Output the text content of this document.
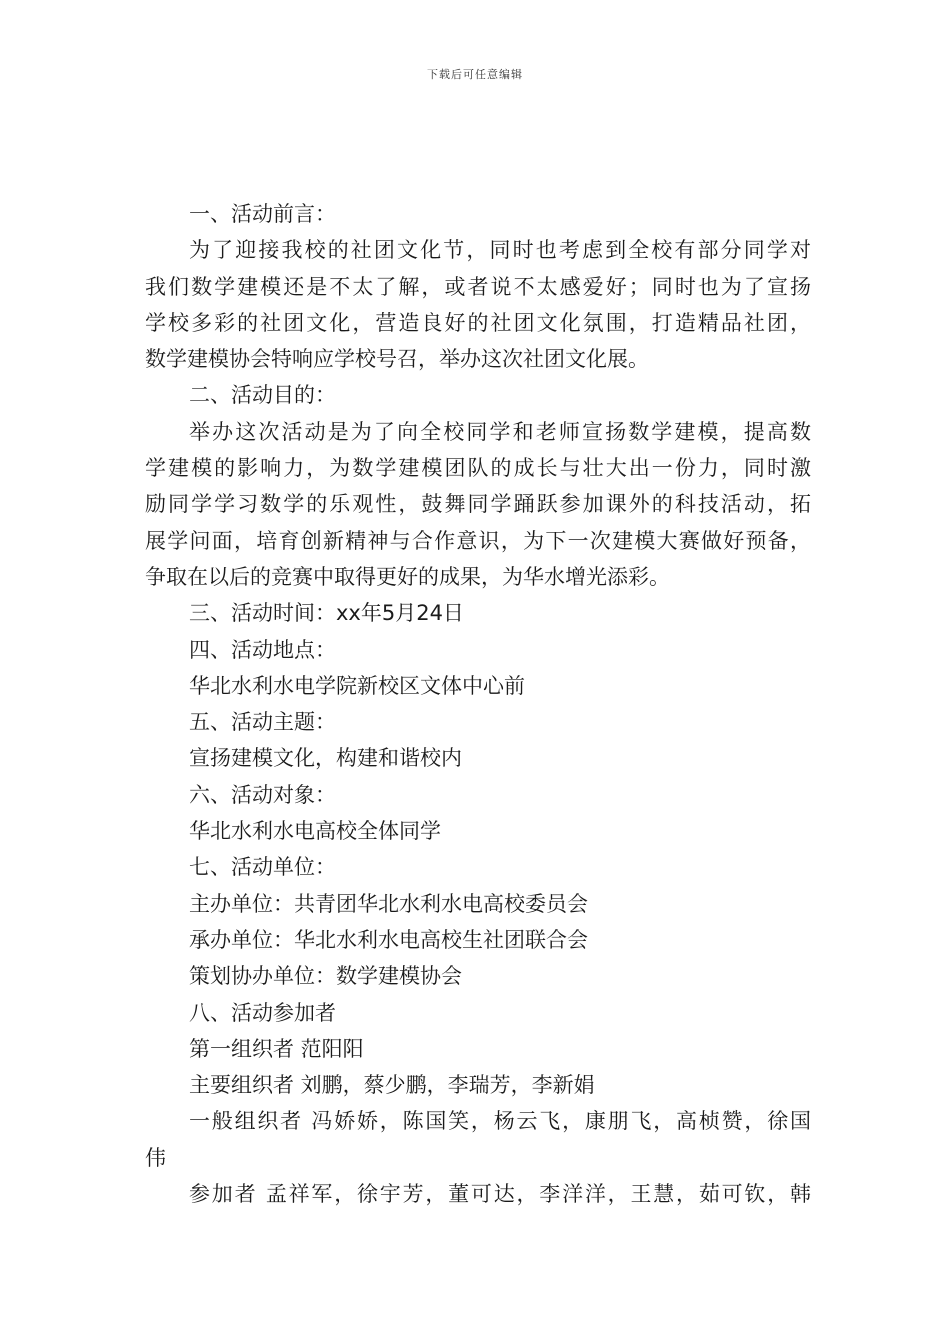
下载后可任意编辑
一、活动前言：
为了迎接我校的社团文化节，同时也考虑到全校有部分同学对
我们数学建模还是不太了解，或者说不太感爱好；同时也为了宣扬
学校多彩的社团文化，营造良好的社团文化氛围，打造精品社团，
数学建模协会特响应学校号召，举办这次社团文化展。
二、活动目的：
举办这次活动是为了向全校同学和老师宣扬数学建模，提高数
学建模的影响力，为数学建模团队的成长与壮大出一份力，同时激
励同学学习数学的乐观性，鼓舞同学踊跃参加课外的科技活动，拓
展学问面，培育创新精神与合作意识，为下一次建模大赛做好预备，
争取在以后的竞赛中取得更好的成果，为华水增光添彩。
三、活动时间：xx年5月24日
四、活动地点：
华北水利水电学院新校区文体中心前
五、活动主题：
宣扬建模文化，构建和谐校内
六、活动对象：
华北水利水电高校全体同学
七、活动单位：
主办单位：共青团华北水利水电高校委员会
承办单位：华北水利水电高校生社团联合会
策划协办单位：数学建模协会
八、活动参加者
第一组织者 范阳阳
主要组织者 刘鹏，蔡少鹏，李瑞芳，李新娟
一般组织者 冯娇娇，陈国笑，杨云飞，康朋飞，高桢赞，徐国
伟
参加者 孟祥军，徐宇芳，董可达，李洋洋，王慧，茹可钦，韩
